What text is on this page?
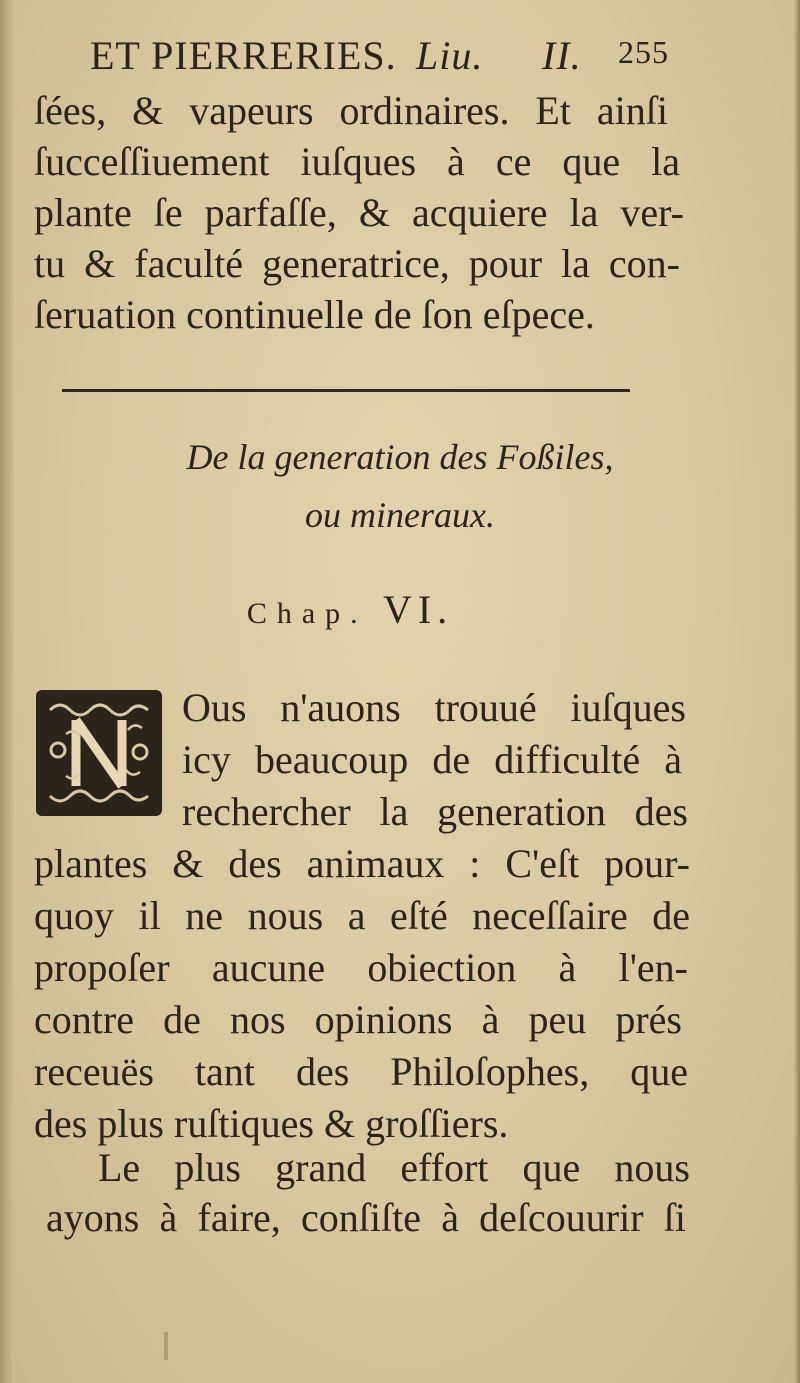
ET PIERRERIES. Liu. II. 255
ſées, & vapeurs ordinaires. Et ainſi
ſucceſſiuement iuſques à ce que la
plante ſe parfaſſe, & acquiere la ver-
tu & faculté generatrice, pour la con-
ſeruation continuelle de ſon eſpece.
De la generation des Foßiles,
ou mineraux.
Chap. VI.
Ous n'auons trouué iuſques
icy beaucoup de difficulté à
rechercher la generation des
plantes & des animaux : C'eſt pour-
quoy il ne nous a eſté neceſſaire de
propoſer aucune obiection à l'en-
contre de nos opinions à peu prés
receuës tant des Philoſophes, que
des plus ruſtiques & groſſiers.
Le plus grand effort que nous
ayons à faire, conſiſte à deſcouurir ſi
